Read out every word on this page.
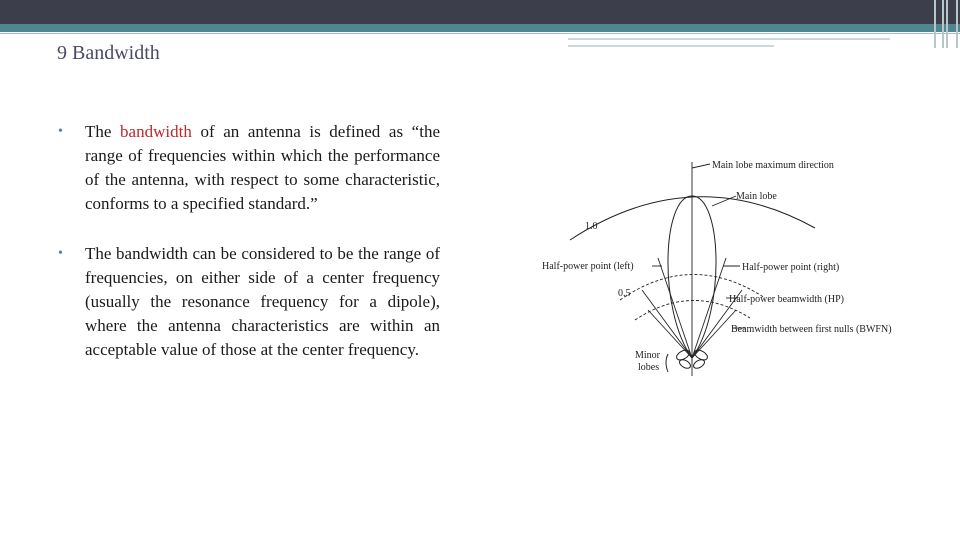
9 Bandwidth
• The bandwidth of an antenna is defined as “the range of frequencies within which the performance of the antenna, with respect to some characteristic, conforms to a specified standard.”
• The bandwidth can be considered to be the range of frequencies, on either side of a center frequency (usually the resonance frequency for a dipole), where the antenna characteristics are within an acceptable value of those at the center frequency.
Main lobe maximum direction
Main lobe
1.0
Half-power point (left)	Half-power point (right)
0.5
Half-power beamwidth (HP)
Beamwidth between first nulls (BWFN)
Minor
lobes
